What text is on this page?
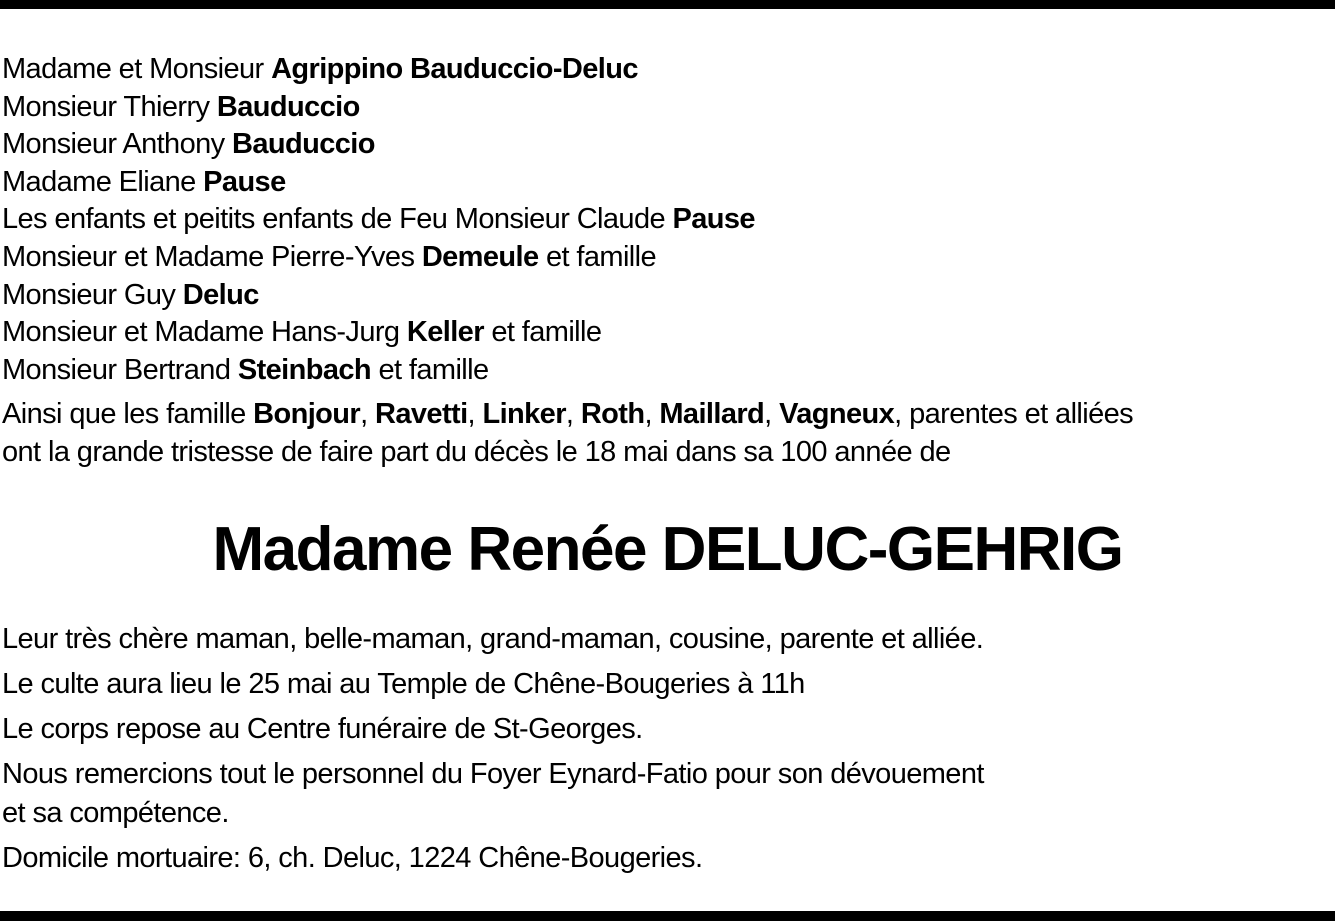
Madame et Monsieur Agrippino Bauduccio-Deluc
Monsieur Thierry Bauduccio
Monsieur Anthony Bauduccio
Madame Eliane Pause
Les enfants et peitits enfants de Feu Monsieur Claude Pause
Monsieur et Madame Pierre-Yves Demeule et famille
Monsieur Guy Deluc
Monsieur et Madame Hans-Jurg Keller et famille
Monsieur Bertrand Steinbach et famille
Ainsi que les famille Bonjour, Ravetti, Linker, Roth, Maillard, Vagneux, parentes et alliées
ont la grande tristesse de faire part du décès le 18 mai dans sa 100 année de
Madame Renée DELUC-GEHRIG
Leur très chère maman, belle-maman, grand-maman, cousine, parente et alliée.
Le culte aura lieu le 25 mai au Temple de Chêne-Bougeries à 11h
Le corps repose au Centre funéraire de St-Georges.
Nous remercions tout le personnel du Foyer Eynard-Fatio pour son dévouement
et sa compétence.
Domicile mortuaire: 6, ch. Deluc, 1224 Chêne-Bougeries.
